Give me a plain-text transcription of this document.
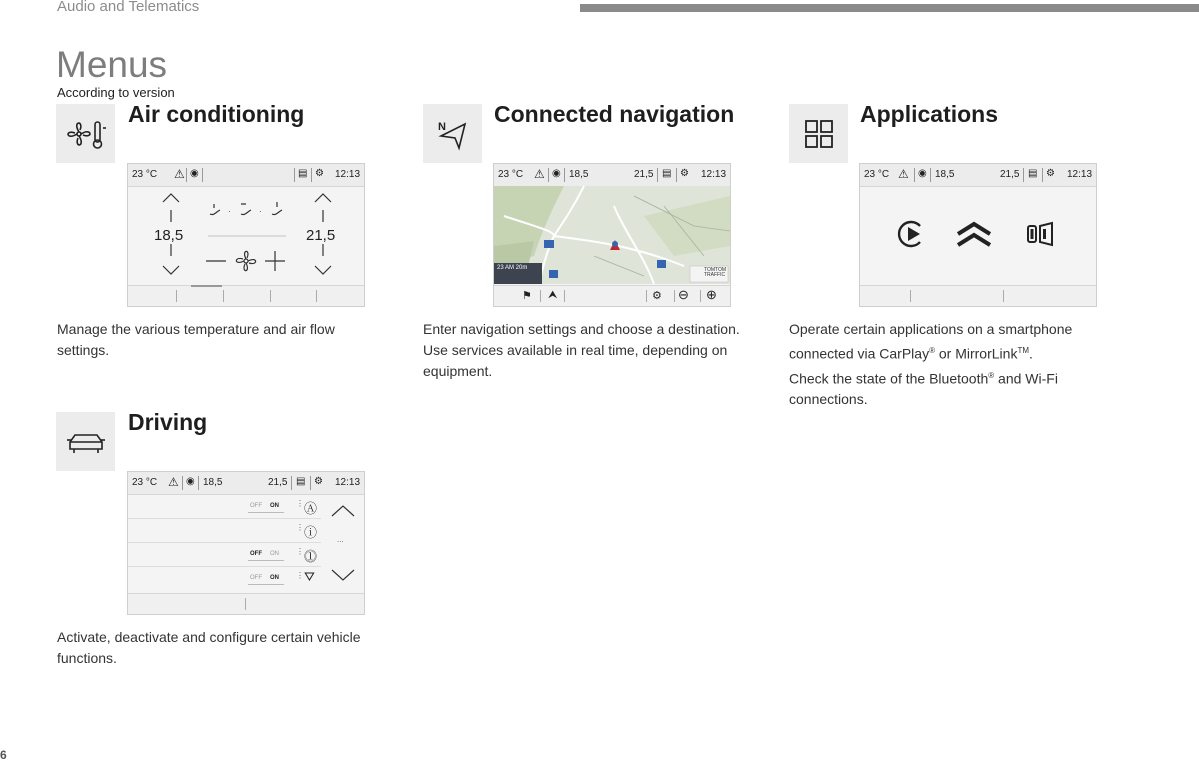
Audio and Telematics
Menus
According to version
Air conditioning
23 °C ⚠ ◉	▤ ⚙ 12:13
·	·
18,5	21,5
Manage the various temperature and air flow settings.
N Connected navigation
23 °C ⚠ ◉ 18,5	21,5 ▤ ⚙ 12:13
23 AM 20m	TOMTOM TRAFFIC
⚑ ⮝	⚙ ⊖ ⊕
Enter navigation settings and choose a destination.
Use services available in real time, depending on equipment.
Applications
23 °C ⚠ ◉ 18,5	21,5 ▤ ⚙ 12:13
Operate certain applications on a smartphone connected via CarPlay® or MirrorLink™.
Check the state of the Bluetooth® and Wi-Fi connections.
Driving
23 °C ⚠ ◉ 18,5	21,5 ▤ ⚙ 12:13
OFF ON ⋮ Ⓐ
⋮ ⓘ
OFF ON ⋮ ⓵
OFF ON ⋮ ⛛
...
Activate, deactivate and configure certain vehicle functions.
6
